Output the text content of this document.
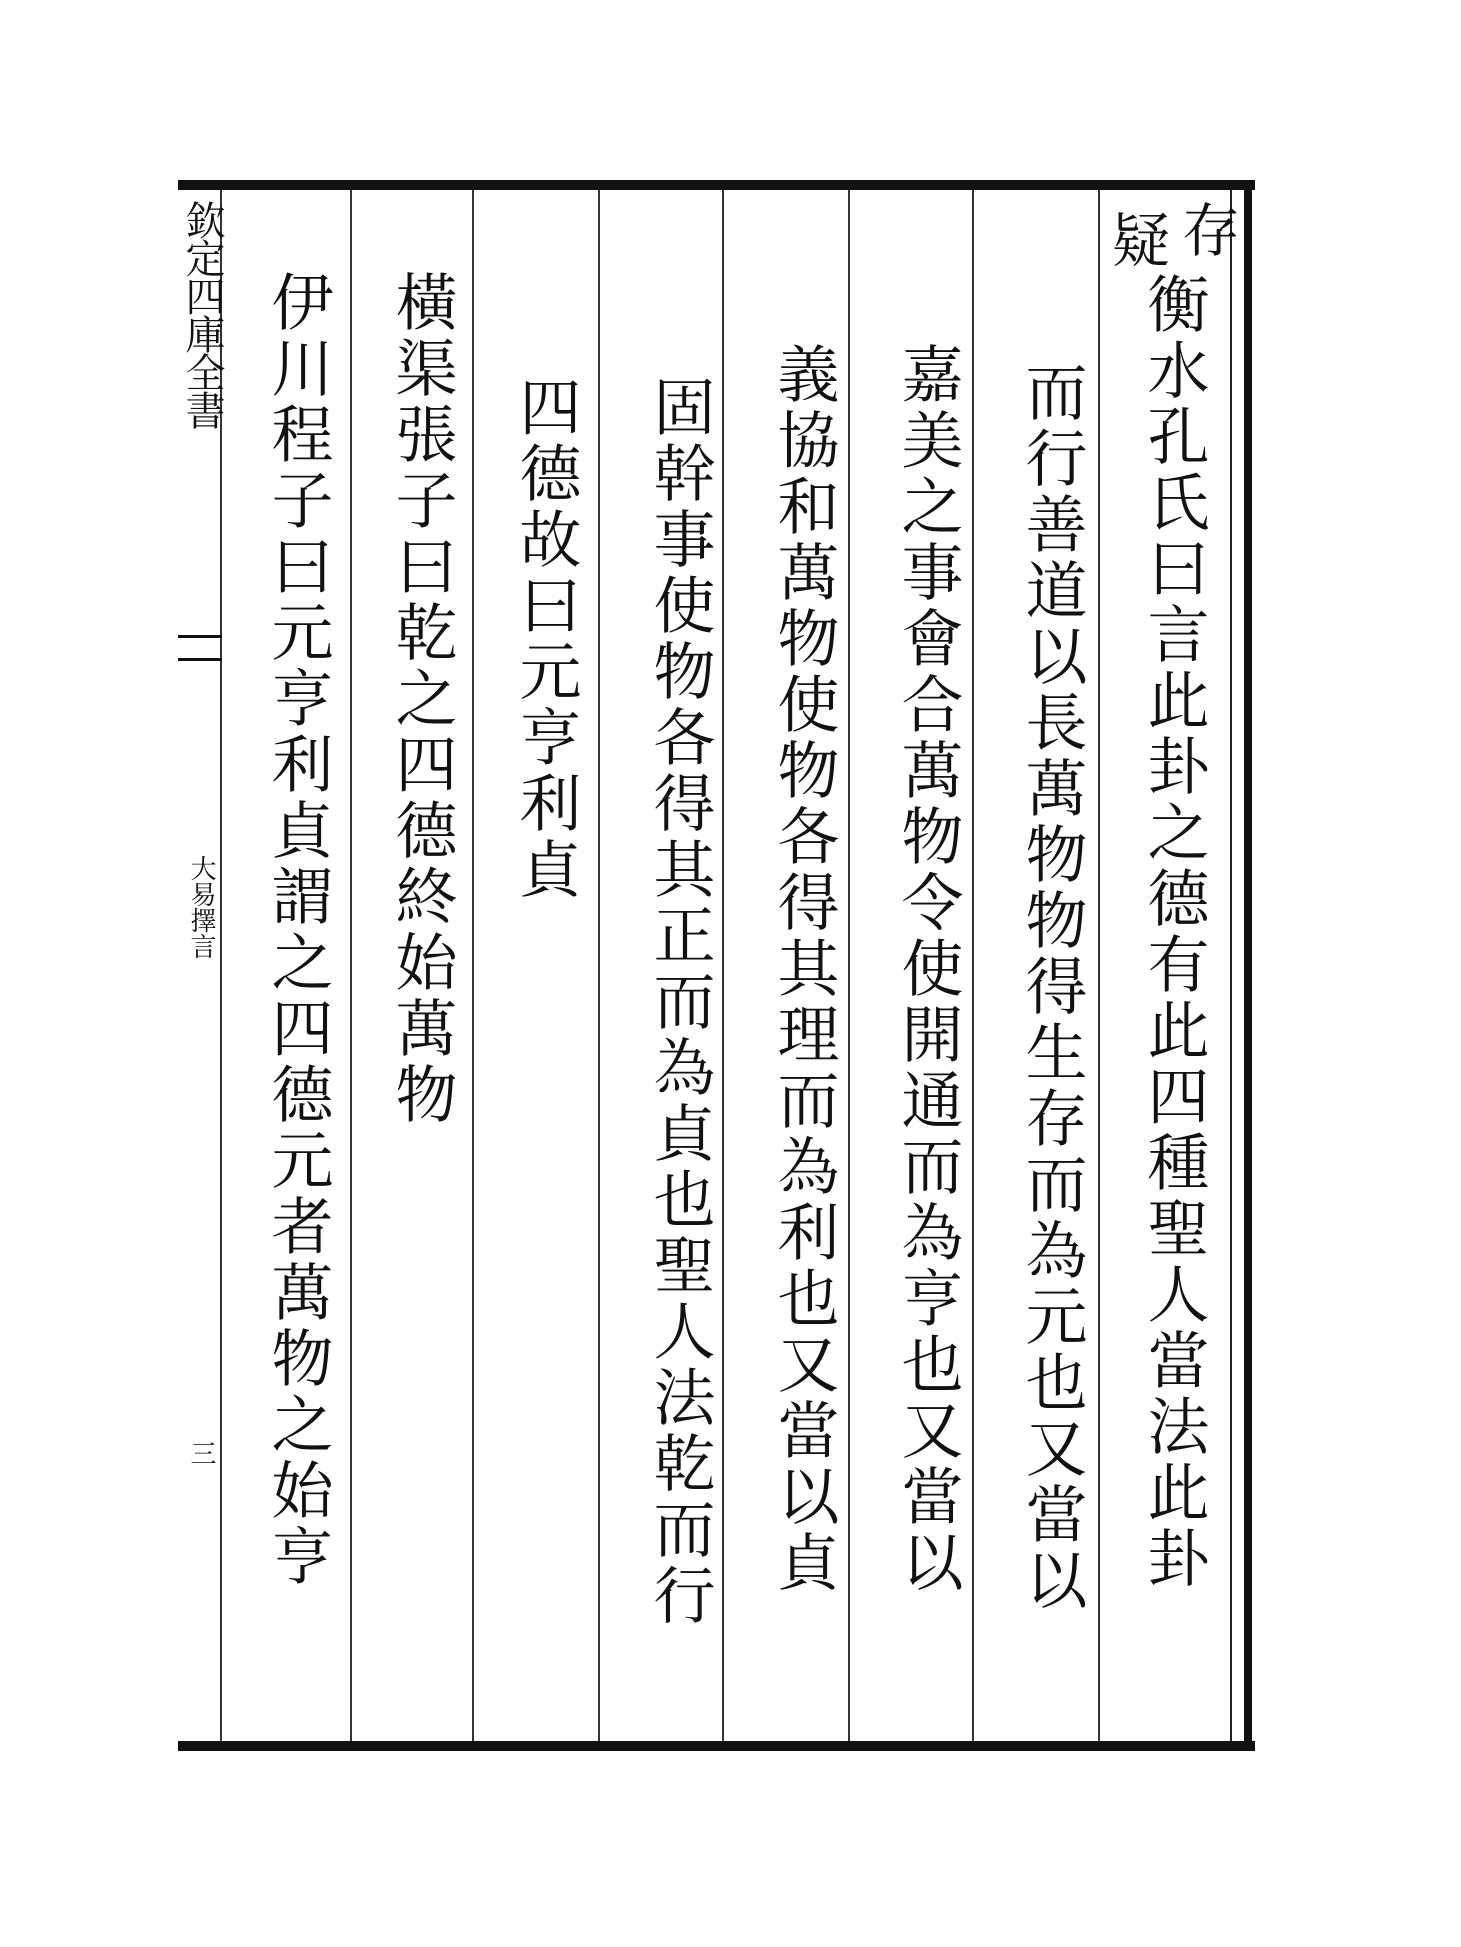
欽定四庫全書
大易擇言
三
存
疑
衡水孔氏曰言此卦之德有此四種聖人當法此卦
而行善道以長萬物物得生存而為元也又當以
嘉美之事會合萬物令使開通而為亨也又當以
義協和萬物使物各得其理而為利也又當以貞
固幹事使物各得其正而為貞也聖人法乾而行
四德故曰元亨利貞
橫渠張子曰乾之四德終始萬物
伊川程子曰元亨利貞謂之四德元者萬物之始亨
